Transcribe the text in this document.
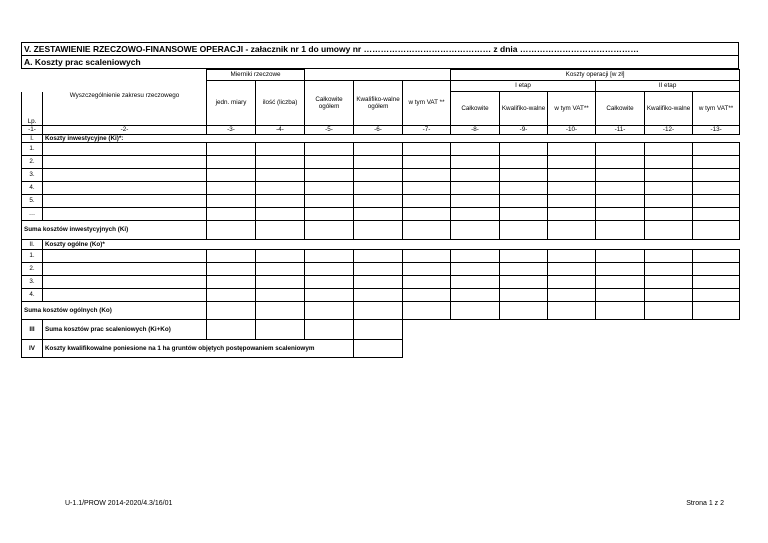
V. ZESTAWIENIE RZECZOWO-FINANSOWE OPERACJI - załacznik nr 1 do umowy nr ……………………………………… z dnia ……………………………………
A. Koszty prac scaleniowych
		Mierniki rzeczowe					Koszty operacji [w zł]					
		jedn. miary	ilość (liczba)	Całkowite ogółem	Kwalifiko-walne ogółem	w tym VAT **	I etap			II etap		
Lp.	Wyszczególnienie zakresu rzeczowego						Całkowite	Kwalifiko-walne	w tym VAT**	Całkowite	Kwalifiko-walne	w tym VAT**
-1-	-2-	-3-	-4-	-5-	-6-	-7-	-8-	-9-	-10-	-11-	-12-	-13-
I.	Koszty inwestycyjne (Ki)*:											
1.												
2.												
3.												
4.												
5.												
…												
Suma kosztów inwestycyjnych (Ki)												
II.	Koszty ogólne (Ko)*											
1.												
2.												
3.												
4.												
Suma kosztów ogólnych (Ko)												
III	Suma kosztów prac scaleniowych (Ki+Ko)											
IV	Koszty kwalifikowalne poniesione na 1 ha gruntów objętych postępowaniem scaleniowym											
U-1.1/PROW 2014-2020/4.3/16/01	Strona 1 z 2
